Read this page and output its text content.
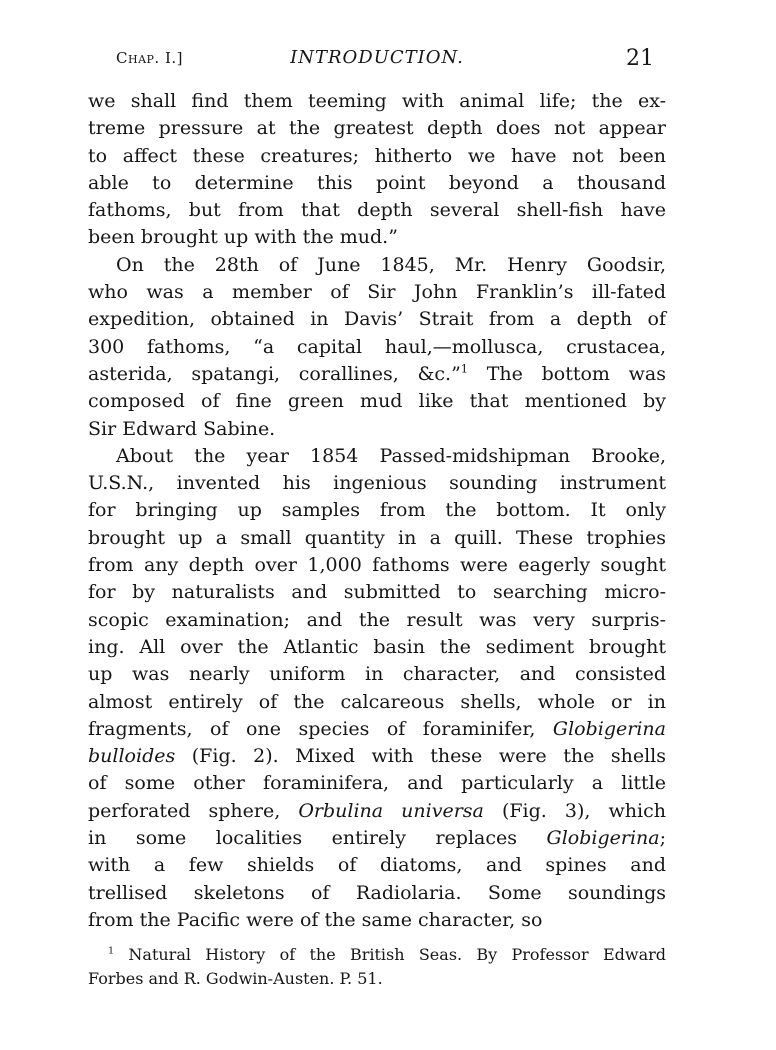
Chap. I.]	INTRODUCTION.	21
we shall find them teeming with animal life; the ex-
treme pressure at the greatest depth does not appear
to affect these creatures; hitherto we have not been
able to determine this point beyond a thousand
fathoms, but from that depth several shell-fish have
been brought up with the mud.”
On the 28th of June 1845, Mr. Henry Goodsir,
who was a member of Sir John Franklin’s ill-fated
expedition, obtained in Davis’ Strait from a depth of
300 fathoms, “a capital haul,—mollusca, crustacea,
asterida, spatangi, corallines, &c.”$^1$ The bottom was
composed of fine green mud like that mentioned by
Sir Edward Sabine.
About the year 1854 Passed-midshipman Brooke,
U.S.N., invented his ingenious sounding instrument
for bringing up samples from the bottom. It only
brought up a small quantity in a quill. These trophies
from any depth over 1,000 fathoms were eagerly sought
for by naturalists and submitted to searching micro-
scopic examination; and the result was very surpris-
ing. All over the Atlantic basin the sediment brought
up was nearly uniform in character, and consisted
almost entirely of the calcareous shells, whole or in
fragments, of one species of foraminifer, Globigerina
bulloides (Fig. 2). Mixed with these were the shells
of some other foraminifera, and particularly a little
perforated sphere, Orbulina universa (Fig. 3), which
in some localities entirely replaces Globigerina;
with a few shields of diatoms, and spines and
trellised skeletons of Radiolaria. Some soundings
from the Pacific were of the same character, so
$^1$ Natural History of the British Seas. By Professor Edward
Forbes and R. Godwin-Austen. P. 51.
